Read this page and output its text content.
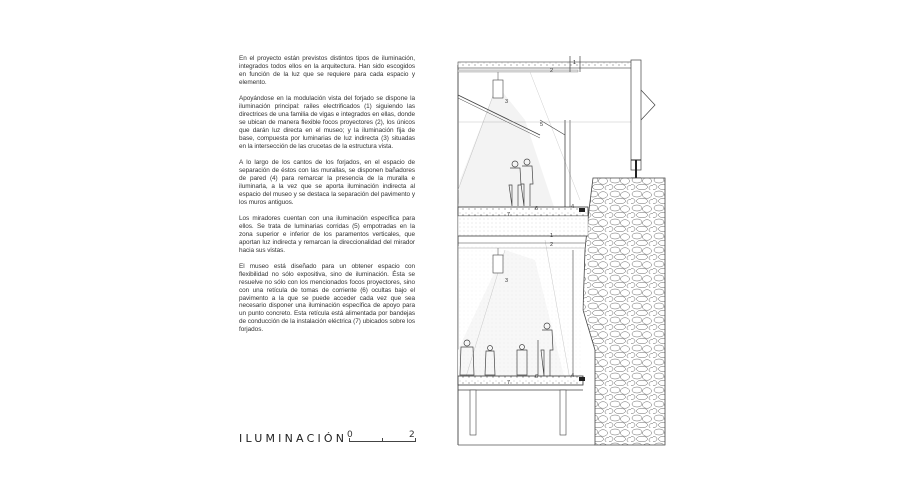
En el proyecto están previstos distintos tipos de iluminación, integrados todos ellos en la arquitectura. Han sido escogidos en función de la luz que se requiere para cada espacio y elemento.

Apoyándose en la modulación vista del forjado se dispone la iluminación principal: raíles electrificados (1) siguiendo las directrices de una familia de vigas e integrados en ellas, donde se ubican de manera flexible focos proyectores (2), los únicos que darán luz directa en el museo; y la iluminación fija de base, compuesta por luminarias de luz indirecta (3) situadas en la intersección de las crucetas de la estructura vista.

A lo largo de los cantos de los forjados, en el espacio de separación de éstos con las murallas, se disponen bañadores de pared (4) para remarcar la presencia de la muralla e iluminarla, a la vez que se aporta iluminación indirecta al espacio del museo y se destaca la separación del pavimento y los muros antiguos.

Los miradores cuentan con una iluminación específica para ellos. Se trata de luminarias corridas (5) empotradas en la zona superior e inferior de los paramentos verticales, que aportan luz indirecta y remarcan la direccionalidad del mirador hacia sus vistas.

El museo está diseñado para un obtener espacio con flexibilidad no sólo expositiva, sino de iluminación. Ésta se resuelve no sólo con los mencionados focos proyectores, sino con una retícula de tomas de corriente (6) ocultas bajo el pavimento a la que se puede acceder cada vez que sea necesario disponer una iluminación específica de apoyo para un punto concreto. Esta retícula está alimentada por bandejas de conducción de la instalación eléctrica (7) ubicados sobre los forjados.

ILUMINACIÓN 0	2
1
2
3
5
7
6	4
1
2
3
7
6	4
